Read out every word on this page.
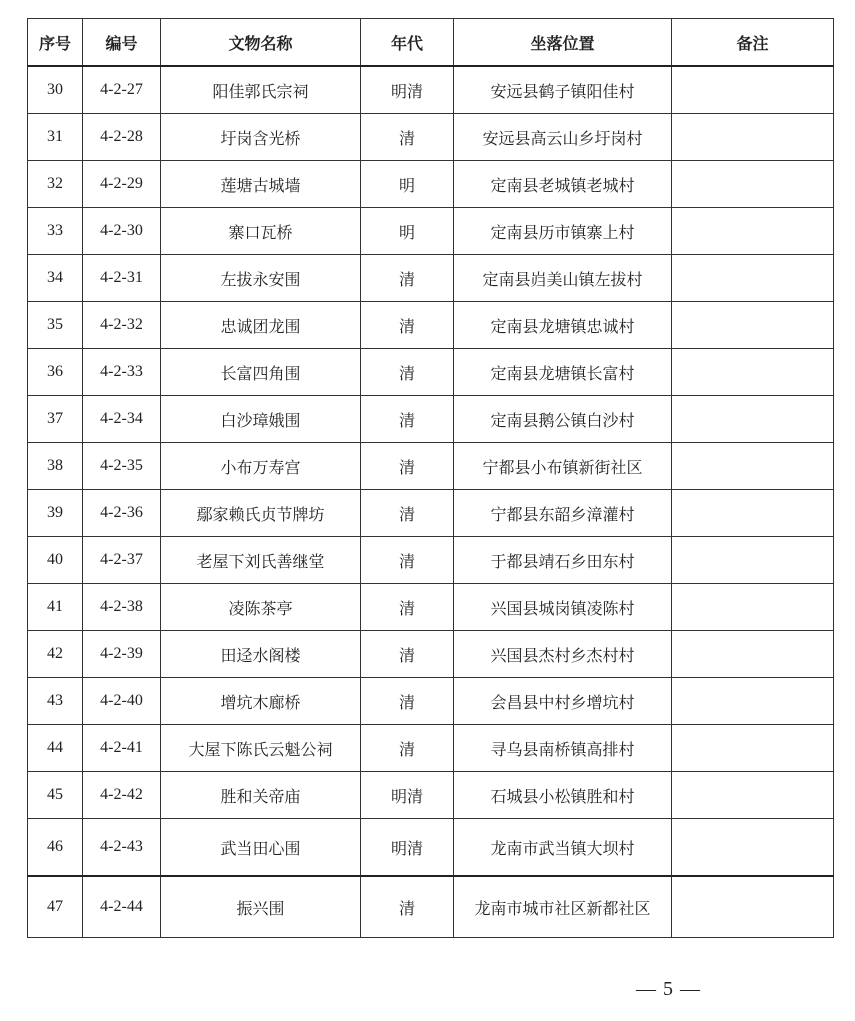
序号	编号	文物名称	年代	坐落位置	备注
30	4-2-27	阳佳郭氏宗祠	明清	安远县鹤子镇阳佳村	
31	4-2-28	圩岗含光桥	清	安远县高云山乡圩岗村	
32	4-2-29	莲塘古城墙	明	定南县老城镇老城村	
33	4-2-30	寨口瓦桥	明	定南县历市镇寨上村	
34	4-2-31	左拔永安围	清	定南县岿美山镇左拔村	
35	4-2-32	忠诚团龙围	清	定南县龙塘镇忠诚村	
36	4-2-33	长富四角围	清	定南县龙塘镇长富村	
37	4-2-34	白沙璋娥围	清	定南县鹅公镇白沙村	
38	4-2-35	小布万寿宫	清	宁都县小布镇新街社区	
39	4-2-36	鄢家赖氏贞节牌坊	清	宁都县东韶乡漳灌村	
40	4-2-37	老屋下刘氏善继堂	清	于都县靖石乡田东村	
41	4-2-38	凌陈茶亭	清	兴国县城岗镇凌陈村	
42	4-2-39	田迳水阁楼	清	兴国县杰村乡杰村村	
43	4-2-40	增坑木廊桥	清	会昌县中村乡增坑村	
44	4-2-41	大屋下陈氏云魁公祠	清	寻乌县南桥镇高排村	
45	4-2-42	胜和关帝庙	明清	石城县小松镇胜和村	
46	4-2-43	武当田心围	明清	龙南市武当镇大坝村	
47	4-2-44	振兴围	清	龙南市城市社区新都社区	
— 5 —
